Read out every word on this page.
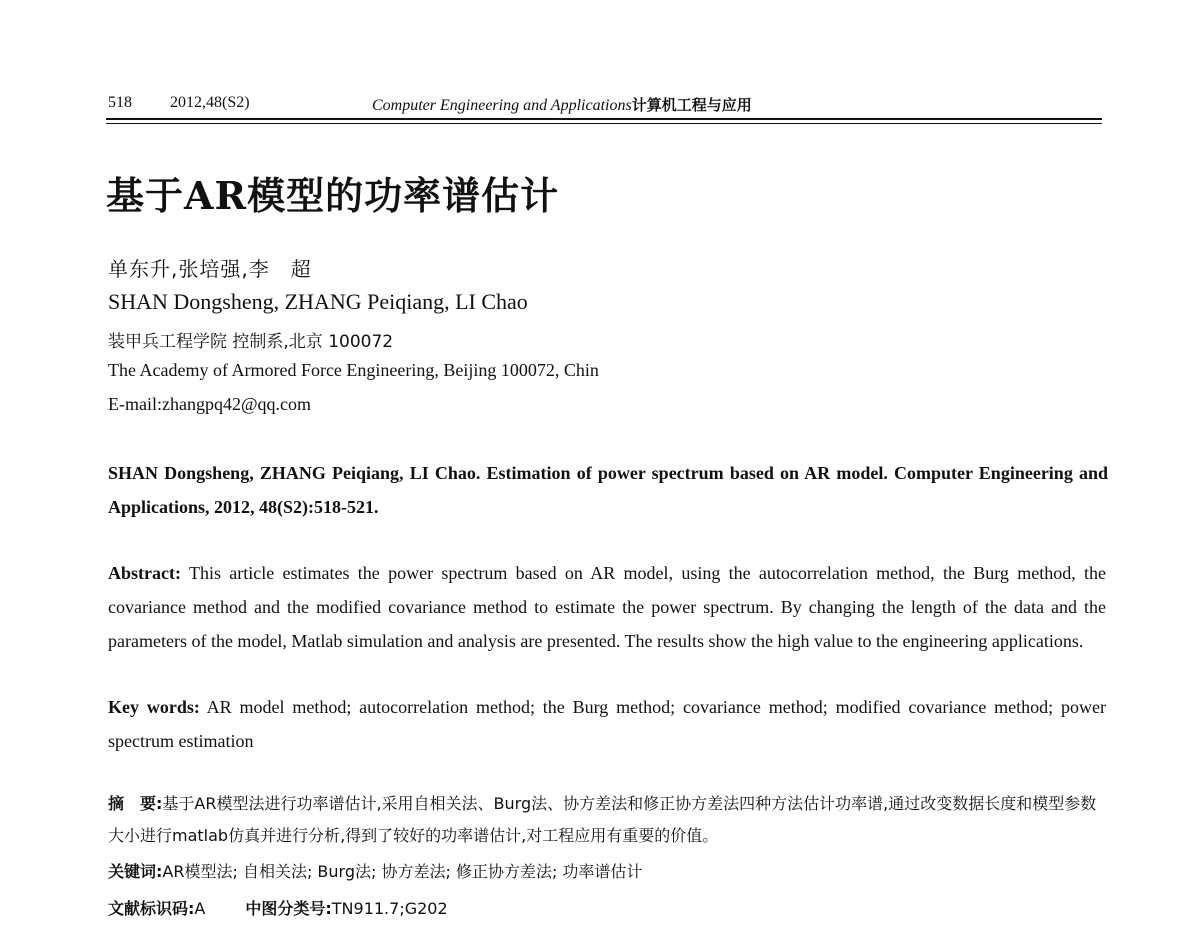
518 2012,48(S2)	Computer Engineering and Applications计算机工程与应用
基于AR模型的功率谱估计
单东升,张培强,李　超
SHAN Dongsheng, ZHANG Peiqiang, LI Chao
装甲兵工程学院 控制系,北京 100072
The Academy of Armored Force Engineering, Beijing 100072, Chin
E-mail:zhangpq42@qq.com
SHAN Dongsheng, ZHANG Peiqiang, LI Chao. Estimation of power spectrum based on AR model. Computer Engineering and Applications, 2012, 48(S2):518-521.
Abstract: This article estimates the power spectrum based on AR model, using the autocorrelation method, the Burg method, the covariance method and the modified covariance method to estimate the power spectrum. By changing the length of the data and the parameters of the model, Matlab simulation and analysis are presented. The results show the high value to the engineering applications.
Key words: AR model method; autocorrelation method; the Burg method; covariance method; modified covariance method; power spectrum estimation
摘　要:基于AR模型法进行功率谱估计,采用自相关法、Burg法、协方差法和修正协方差法四种方法估计功率谱,通过改变数据长度和模型参数大小进行matlab仿真并进行分析,得到了较好的功率谱估计,对工程应用有重要的价值。
关键词:AR模型法; 自相关法; Burg法; 协方差法; 修正协方差法; 功率谱估计
文献标识码:A	中图分类号:TN911.7;G202
